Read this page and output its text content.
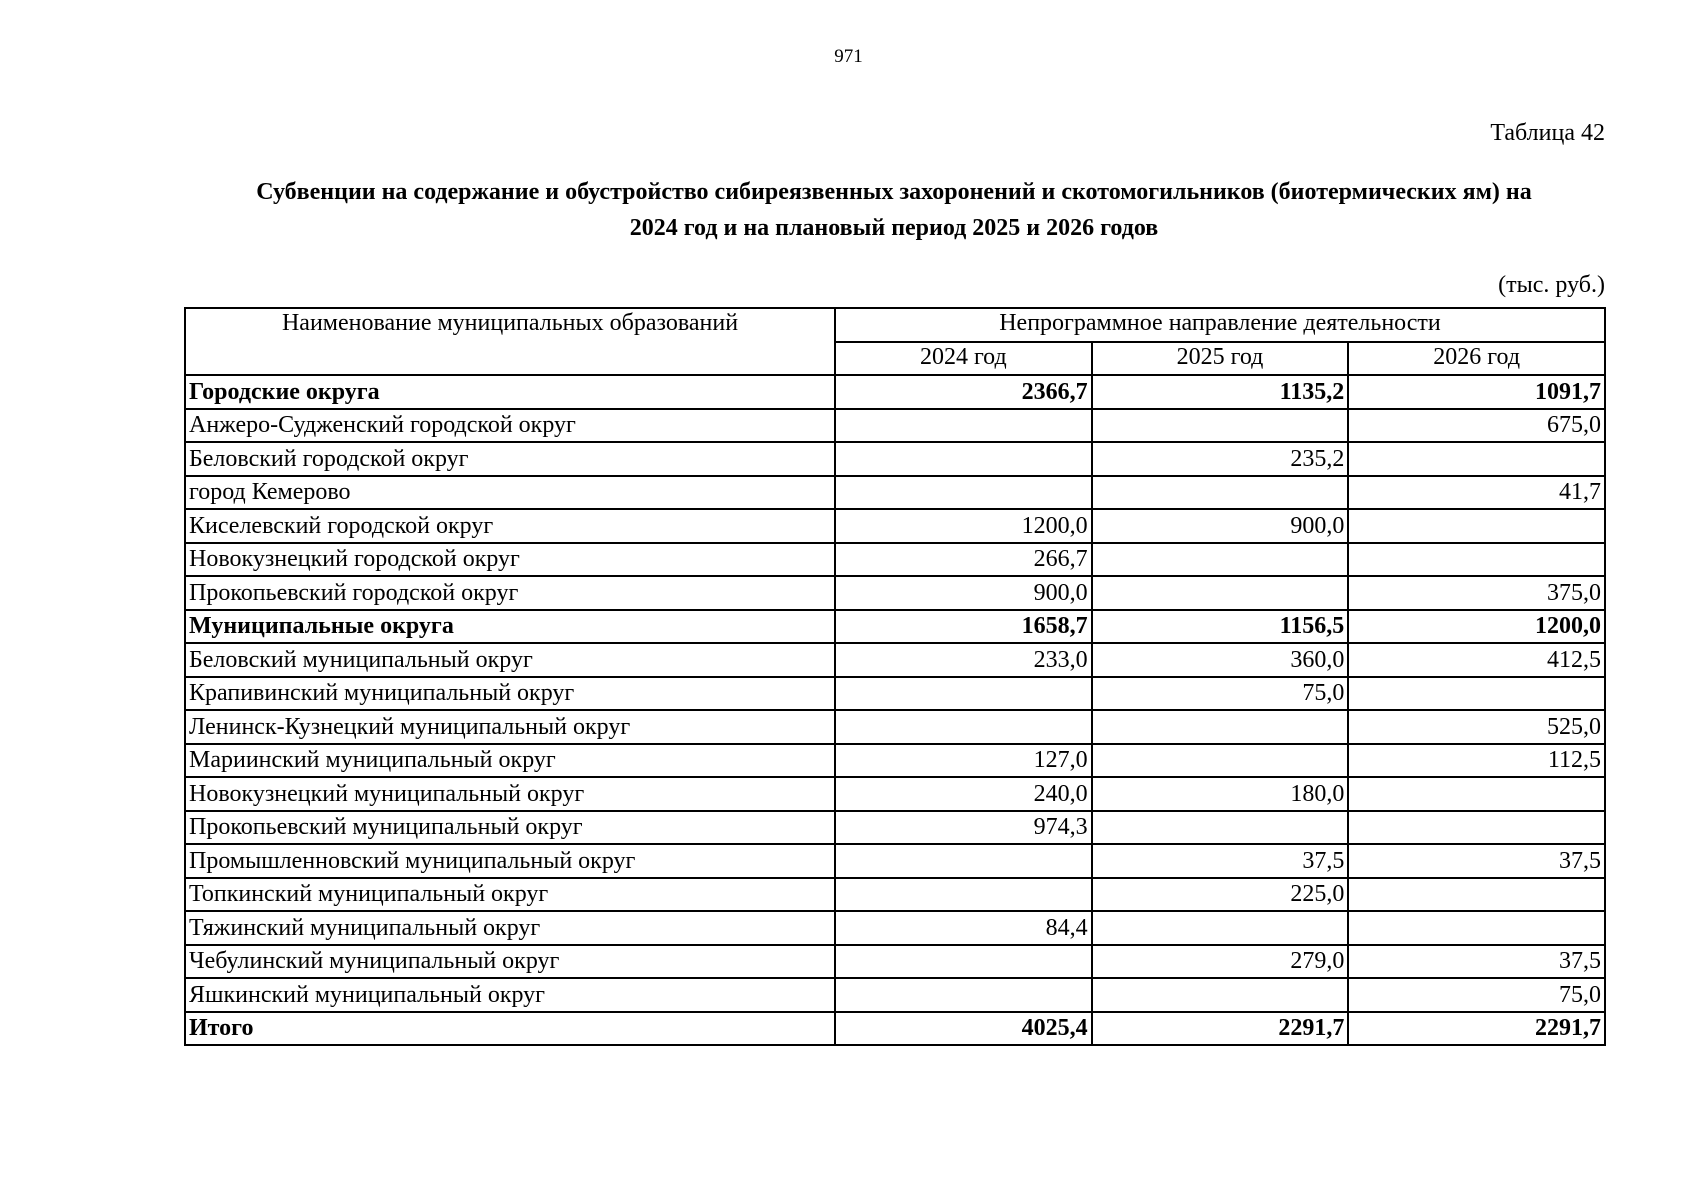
971
Таблица 42
Субвенции на содержание и обустройство сибиреязвенных захоронений и скотомогильников (биотермических ям) на
2024 год и на плановый период 2025 и 2026 годов
(тыс. руб.)
Наименование муниципальных образований	Непрограммное направление деятельности		
	2024 год	2025 год	2026 год
Городские округа	2366,7	1135,2	1091,7
Анжеро-Судженский городской округ			675,0
Беловский городской округ		235,2	
город Кемерово			41,7
Киселевский городской округ	1200,0	900,0	
Новокузнецкий городской округ	266,7		
Прокопьевский городской округ	900,0		375,0
Муниципальные округа	1658,7	1156,5	1200,0
Беловский муниципальный округ	233,0	360,0	412,5
Крапивинский муниципальный округ		75,0	
Ленинск-Кузнецкий муниципальный округ			525,0
Мариинский муниципальный округ	127,0		112,5
Новокузнецкий муниципальный округ	240,0	180,0	
Прокопьевский муниципальный округ	974,3		
Промышленновский муниципальный округ		37,5	37,5
Топкинский муниципальный округ		225,0	
Тяжинский муниципальный округ	84,4		
Чебулинский муниципальный округ		279,0	37,5
Яшкинский муниципальный округ			75,0
Итого	4025,4	2291,7	2291,7
